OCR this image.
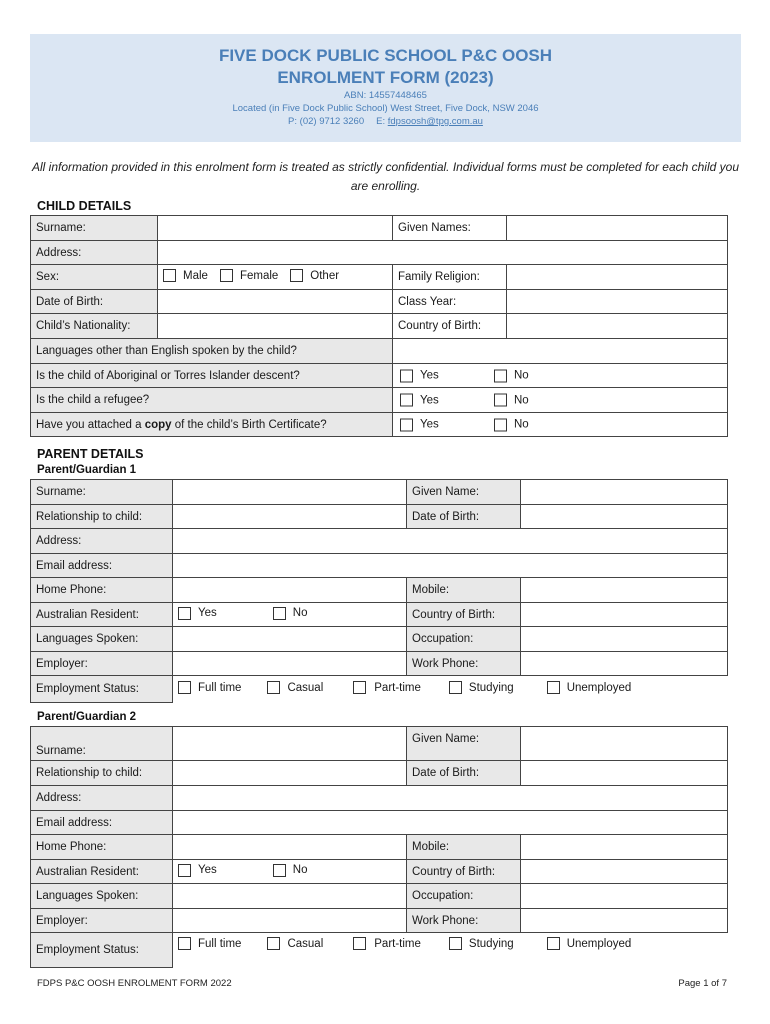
FIVE DOCK PUBLIC SCHOOL P&C OOSH
ENROLMENT FORM (2023)
ABN: 14557448465
Located (in Five Dock Public School) West Street, Five Dock, NSW 2046
P: (02) 9712 3260 E: fdpsoosh@tpg.com.au
All information provided in this enrolment form is treated as strictly confidential. Individual forms must be completed for each child you are enrolling.
CHILD DETAILS
Surname:		Given Names:	
Address:			
Sex:	Male Female Other	Family Religion:	
Date of Birth:		Class Year:	
Child’s Nationality:		Country of Birth:	
Languages other than English spoken by the child?			
Is the child of Aboriginal or Torres Islander descent?		Yes No	

Is the child a refugee?		Yes No	

Have you attached a copy of the child’s Birth Certificate?		Yes No	
PARENT DETAILS
Parent/Guardian 1
Surname:		Given Name:	
Relationship to child:		Date of Birth:	
Address:			
Email address:			
Home Phone:		Mobile:	
Australian Resident:	Yes No	Country of Birth:	
Languages Spoken:		Occupation:	
Employer:		Work Phone:	
Employment Status:	Full time Casual Part-time Studying Unemployed		
Parent/Guardian 2
Surname:		Given Name:	
Relationship to child:		Date of Birth:	
Address:			
Email address:			
Home Phone:		Mobile:	
Australian Resident:	Yes No	Country of Birth:	
Languages Spoken:		Occupation:	
Employer:		Work Phone:	
Employment Status:	Full time Casual Part-time Studying Unemployed		
FDPS P&C OOSH ENROLMENT FORM 2022	Page 1 of 7
